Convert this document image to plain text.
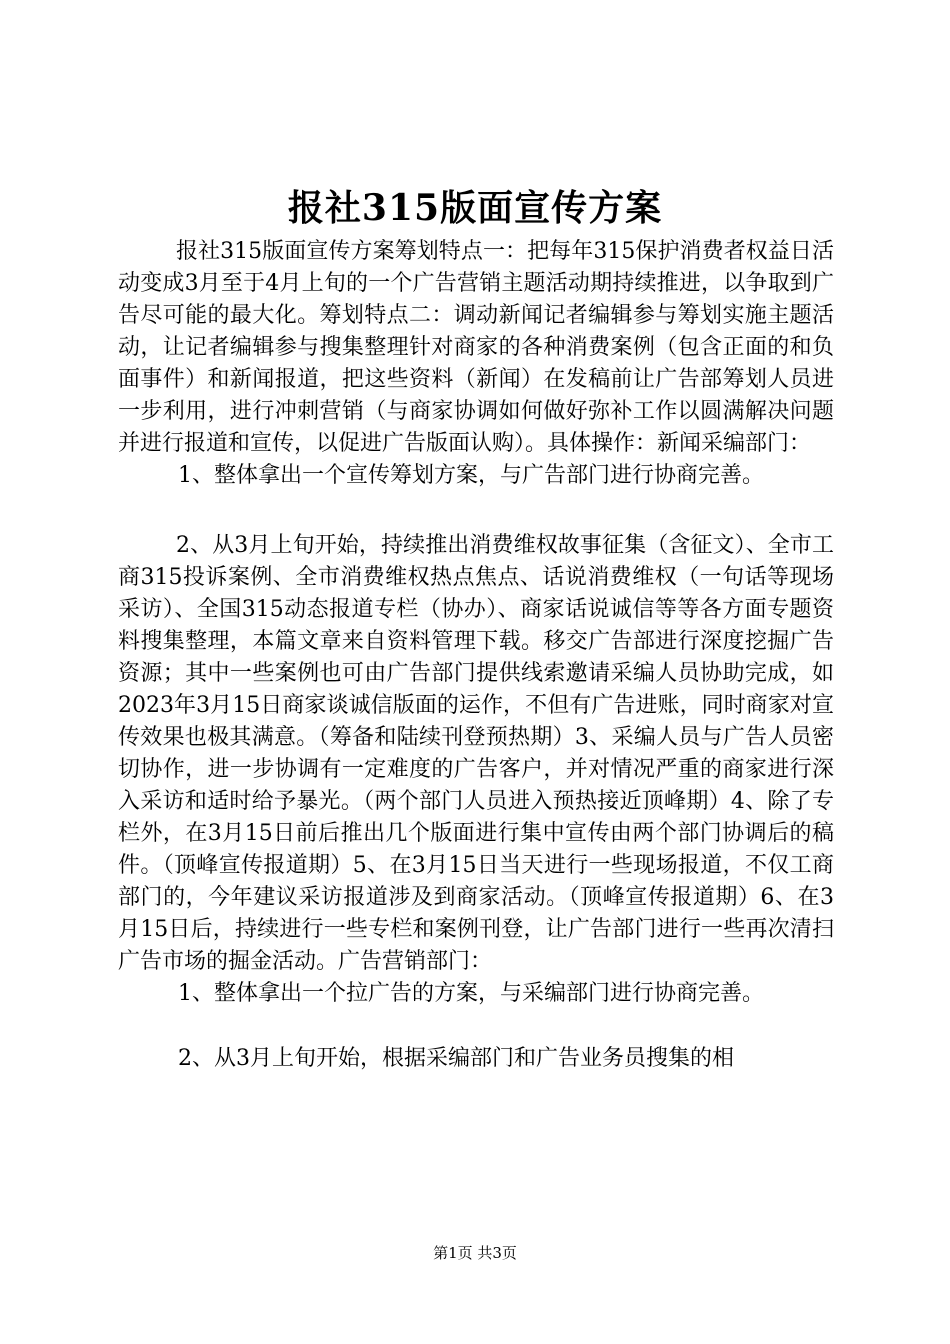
报社315版面宣传方案

报社315版面宣传方案筹划特点一：把每年315保护消费者权益日活动变成3月至于4月上旬的一个广告营销主题活动期持续推进，以争取到广告尽可能的最大化。筹划特点二：调动新闻记者编辑参与筹划实施主题活动，让记者编辑参与搜集整理针对商家的各种消费案例（包含正面的和负面事件）和新闻报道，把这些资料（新闻）在发稿前让广告部筹划人员进一步利用，进行冲刺营销（与商家协调如何做好弥补工作以圆满解决问题并进行报道和宣传，以促进广告版面认购）。具体操作：新闻采编部门：

1、整体拿出一个宣传筹划方案，与广告部门进行协商完善。

2、从3月上旬开始，持续推出消费维权故事征集（含征文）、全市工商315投诉案例、全市消费维权热点焦点、话说消费维权（一句话等现场采访）、全国315动态报道专栏（协办）、商家话说诚信等等各方面专题资料搜集整理，本篇文章来自资料管理下载。移交广告部进行深度挖掘广告资源；其中一些案例也可由广告部门提供线索邀请采编人员协助完成，如2023年3月15日商家谈诚信版面的运作，不但有广告进账，同时商家对宣传效果也极其满意。（筹备和陆续刊登预热期）3、采编人员与广告人员密切协作，进一步协调有一定难度的广告客户，并对情况严重的商家进行深入采访和适时给予暴光。（两个部门人员进入预热接近顶峰期）4、除了专栏外，在3月15日前后推出几个版面进行集中宣传由两个部门协调后的稿件。（顶峰宣传报道期）5、在3月15日当天进行一些现场报道，不仅工商部门的，今年建议采访报道涉及到商家活动。（顶峰宣传报道期）6、在3月15日后，持续进行一些专栏和案例刊登，让广告部门进行一些再次清扫广告市场的掘金活动。广告营销部门：

1、整体拿出一个拉广告的方案，与采编部门进行协商完善。

2、从3月上旬开始，根据采编部门和广告业务员搜集的相

第1页 共3页
